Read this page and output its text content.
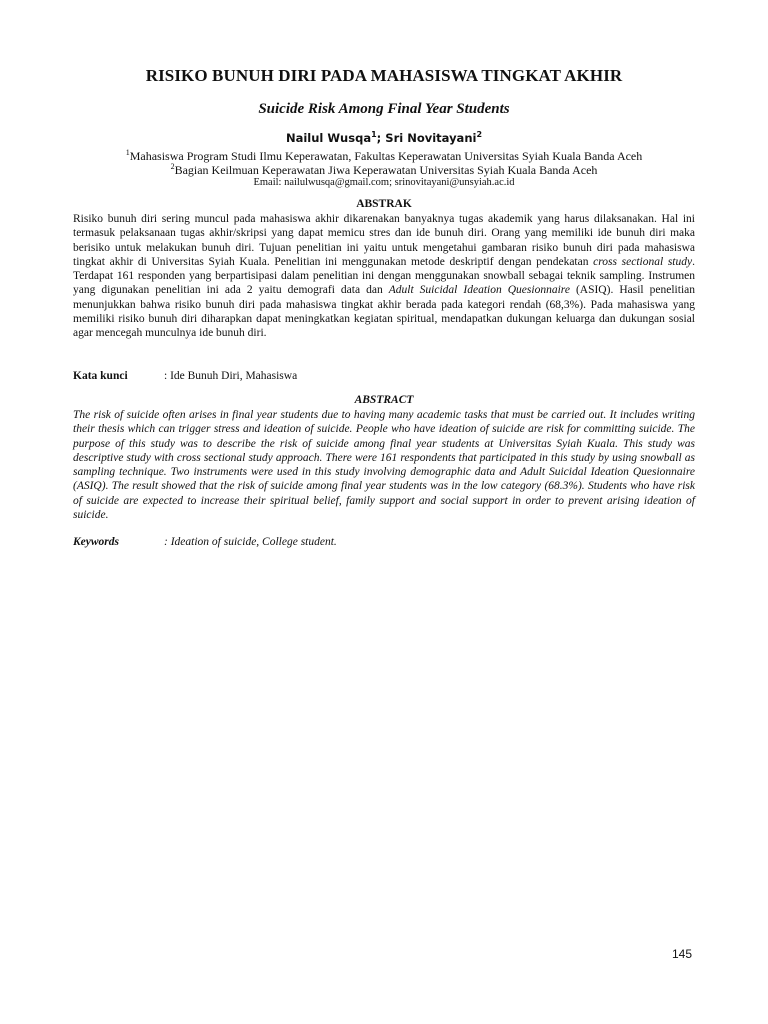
RISIKO BUNUH DIRI PADA MAHASISWA TINGKAT AKHIR
Suicide Risk Among Final Year Students
Nailul Wusqa$^1$; Sri Novitayani$^2$
$^1$Mahasiswa Program Studi Ilmu Keperawatan, Fakultas Keperawatan Universitas Syiah Kuala Banda Aceh
$^2$Bagian Keilmuan Keperawatan Jiwa Keperawatan Universitas Syiah Kuala Banda Aceh
Email: nailulwusqa@gmail.com; srinovitayani@unsyiah.ac.id
ABSTRAK
Risiko bunuh diri sering muncul pada mahasiswa akhir dikarenakan banyaknya tugas akademik yang harus dilaksanakan. Hal ini termasuk pelaksanaan tugas akhir/skripsi yang dapat memicu stres dan ide bunuh diri. Orang yang memiliki ide bunuh diri maka berisiko untuk melakukan bunuh diri. Tujuan penelitian ini yaitu untuk mengetahui gambaran risiko bunuh diri pada mahasiswa tingkat akhir di Universitas Syiah Kuala. Penelitian ini menggunakan metode deskriptif dengan pendekatan cross sectional study. Terdapat 161 responden yang berpartisipasi dalam penelitian ini dengan menggunakan snowball sebagai teknik sampling. Instrumen yang digunakan penelitian ini ada 2 yaitu demografi data dan Adult Suicidal Ideation Quesionnaire (ASIQ). Hasil penelitian menunjukkan bahwa risiko bunuh diri pada mahasiswa tingkat akhir berada pada kategori rendah (68,3%). Pada mahasiswa yang memiliki risiko bunuh diri diharapkan dapat meningkatkan kegiatan spiritual, mendapatkan dukungan keluarga dan dukungan sosial agar mencegah munculnya ide bunuh diri.
Kata kunci	: Ide Bunuh Diri, Mahasiswa
ABSTRACT
The risk of suicide often arises in final year students due to having many academic tasks that must be carried out. It includes writing their thesis which can trigger stress and ideation of suicide. People who have ideation of suicide are risk for committing suicide. The purpose of this study was to describe the risk of suicide among final year students at Universitas Syiah Kuala. This study was descriptive study with cross sectional study approach. There were 161 respondents that participated in this study by using snowball as sampling technique. Two instruments were used in this study involving demographic data and Adult Suicidal Ideation Quesionnaire (ASIQ). The result showed that the risk of suicide among final year students was in the low category (68.3%). Students who have risk of suicide are expected to increase their spiritual belief, family support and social support in order to prevent arising ideation of suicide.
Keywords	: Ideation of suicide, College student.
145
